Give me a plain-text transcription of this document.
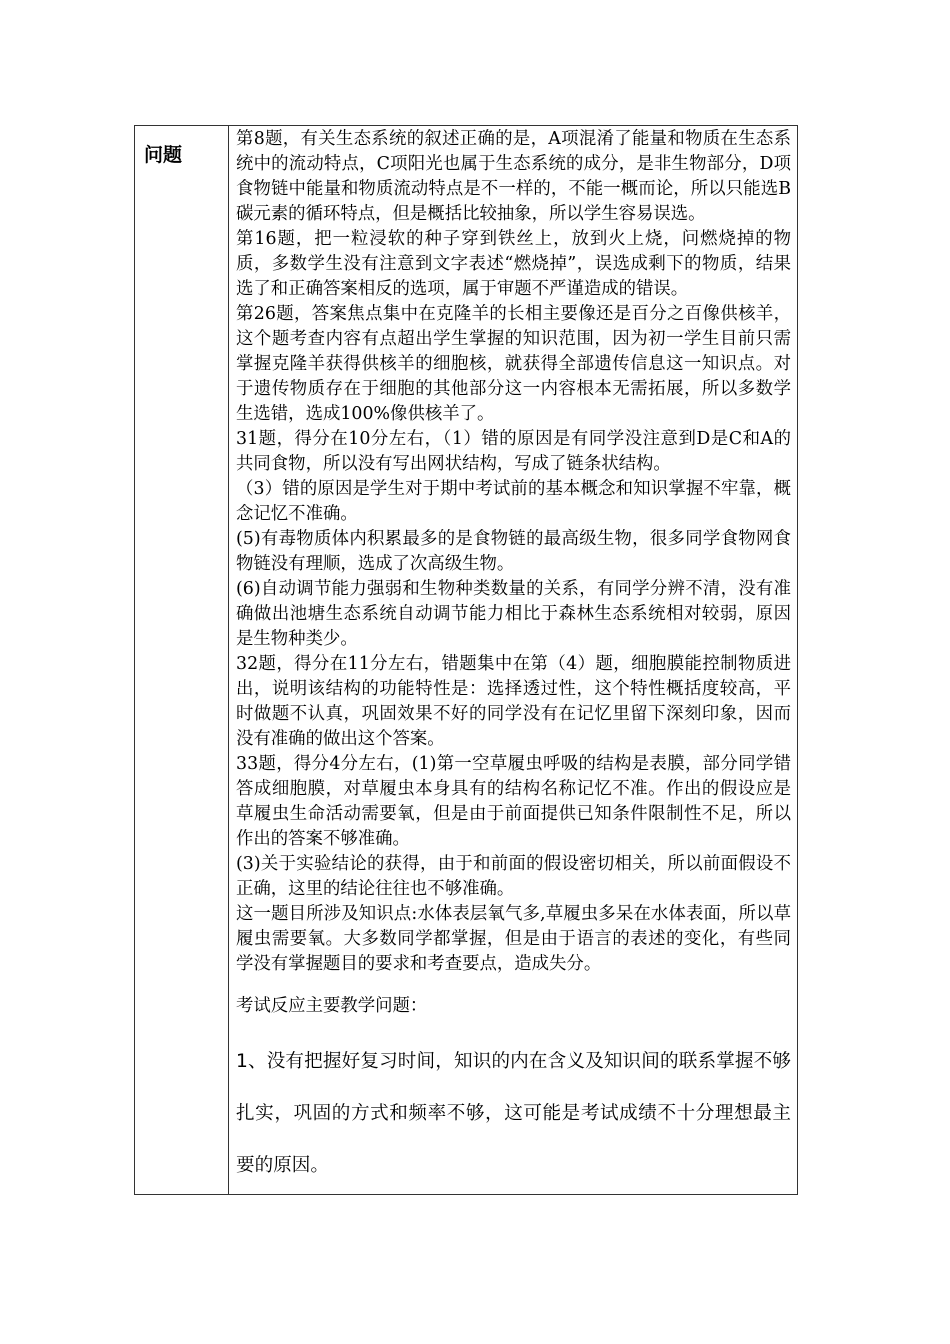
问题

第8题，有关生态系统的叙述正确的是，A项混淆了能量和物质在生态系统中的流动特点，C项阳光也属于生态系统的成分，是非生物部分，D项食物链中能量和物质流动特点是不一样的，不能一概而论，所以只能选B碳元素的循环特点，但是概括比较抽象，所以学生容易误选。

第16题，把一粒浸软的种子穿到铁丝上，放到火上烧，问燃烧掉的物质，多数学生没有注意到文字表述“燃烧掉”，误选成剩下的物质，结果选了和正确答案相反的选项，属于审题不严谨造成的错误。

第26题，答案焦点集中在克隆羊的长相主要像还是百分之百像供核羊，这个题考查内容有点超出学生掌握的知识范围，因为初一学生目前只需掌握克隆羊获得供核羊的细胞核，就获得全部遗传信息这一知识点。对于遗传物质存在于细胞的其他部分这一内容根本无需拓展，所以多数学生选错，选成100%像供核羊了。

31题，得分在10分左右，（1）错的原因是有同学没注意到D是C和A的共同食物，所以没有写出网状结构，写成了链条状结构。

（3）错的原因是学生对于期中考试前的基本概念和知识掌握不牢靠，概念记忆不准确。

(5)有毒物质体内积累最多的是食物链的最高级生物，很多同学食物网食物链没有理顺，选成了次高级生物。

(6)自动调节能力强弱和生物种类数量的关系，有同学分辨不清，没有准确做出池塘生态系统自动调节能力相比于森林生态系统相对较弱，原因是生物种类少。

32题，得分在11分左右，错题集中在第（4）题，细胞膜能控制物质进出，说明该结构的功能特性是：选择透过性，这个特性概括度较高，平时做题不认真，巩固效果不好的同学没有在记忆里留下深刻印象，因而没有准确的做出这个答案。

33题，得分4分左右，(1)第一空草履虫呼吸的结构是表膜，部分同学错答成细胞膜，对草履虫本身具有的结构名称记忆不准。作出的假设应是草履虫生命活动需要氧，但是由于前面提供已知条件限制性不足，所以作出的答案不够准确。

(3)关于实验结论的获得，由于和前面的假设密切相关，所以前面假设不正确，这里的结论往往也不够准确。

这一题目所涉及知识点:水体表层氧气多,草履虫多呆在水体表面，所以草履虫需要氧。大多数同学都掌握，但是由于语言的表述的变化，有些同学没有掌握题目的要求和考查要点，造成失分。

考试反应主要教学问题：

1、没有把握好复习时间，知识的内在含义及知识间的联系掌握不够扎实，巩固的方式和频率不够，这可能是考试成绩不十分理想最主要的原因。
